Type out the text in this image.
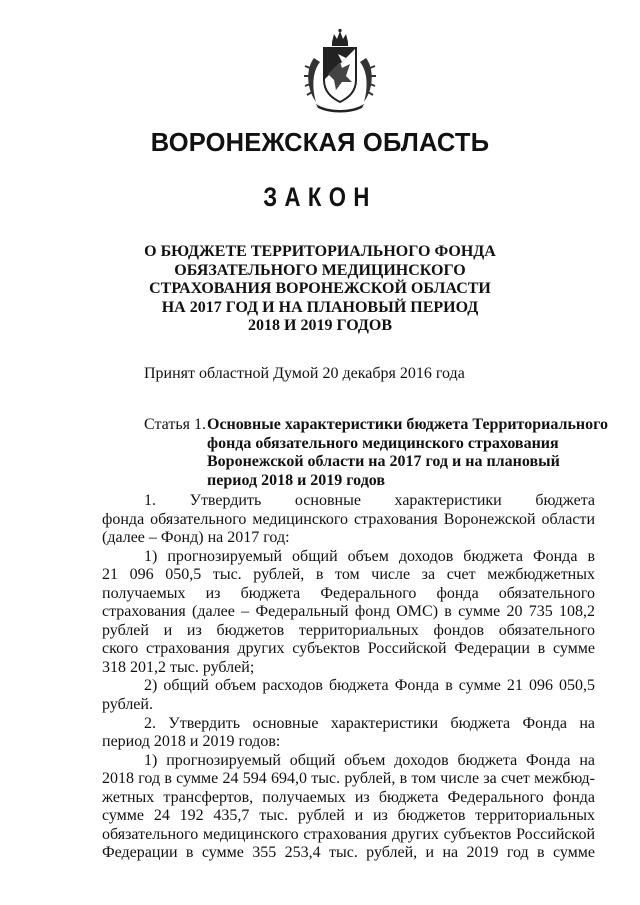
ВОРОНЕЖСКАЯ ОБЛАСТЬ
ЗАКОН
О БЮДЖЕТЕ ТЕРРИТОРИАЛЬНОГО ФОНДА
ОБЯЗАТЕЛЬНОГО МЕДИЦИНСКОГО
СТРАХОВАНИЯ ВОРОНЕЖСКОЙ ОБЛАСТИ
НА 2017 ГОД И НА ПЛАНОВЫЙ ПЕРИОД
2018 И 2019 ГОДОВ
Принят областной Думой 20 декабря 2016 года
Статья 1. Основные характеристики бюджета Территориального
фонда обязательного медицинского страхования
Воронежской области на 2017 год и на плановый
период 2018 и 2019 годов
1. Утвердить основные характеристики бюджета
фонда обязательного медицинского страхования Воронежской области
(далее – Фонд) на 2017 год:
1) прогнозируемый общий объем доходов бюджета Фонда в
21 096 050,5 тыс. рублей, в том числе за счет межбюджетных
получаемых из бюджета Федерального фонда обязательного
страхования (далее – Федеральный фонд ОМС) в сумме 20 735 108,2
рублей и из бюджетов территориальных фондов обязательного
ского страхования других субъектов Российской Федерации в сумме
318 201,2 тыс. рублей;
2) общий объем расходов бюджета Фонда в сумме 21 096 050,5
рублей.
2. Утвердить основные характеристики бюджета Фонда на
период 2018 и 2019 годов:
1) прогнозируемый общий объем доходов бюджета Фонда на
2018 год в сумме 24 594 694,0 тыс. рублей, в том числе за счет межбюд-
жетных трансфертов, получаемых из бюджета Федерального фонда
сумме 24 192 435,7 тыс. рублей и из бюджетов территориальных
обязательного медицинского страхования других субъектов Российской
Федерации в сумме 355 253,4 тыс. рублей, и на 2019 год в сумме
